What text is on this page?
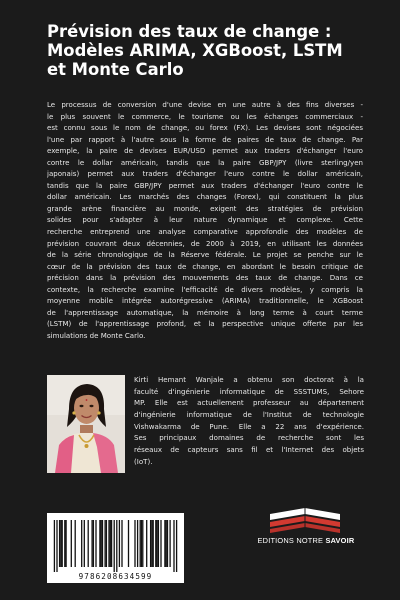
Prévision des taux de change :
Modèles ARIMA, XGBoost, LSTM
et Monte Carlo
Le processus de conversion d'une devise en une autre à des fins diverses -
le plus souvent le commerce, le tourisme ou les échanges commerciaux -
est connu sous le nom de change, ou forex (FX). Les devises sont négociées
l'une par rapport à l'autre sous la forme de paires de taux de change. Par
exemple, la paire de devises EUR/USD permet aux traders d'échanger l'euro
contre le dollar américain, tandis que la paire GBP/JPY (livre sterling/yen
japonais) permet aux traders d'échanger l'euro contre le dollar américain,
tandis que la paire GBP/JPY permet aux traders d'échanger l'euro contre le
dollar américain. Les marchés des changes (Forex), qui constituent la plus
grande arène financière au monde, exigent des stratégies de prévision
solides pour s'adapter à leur nature dynamique et complexe. Cette
recherche entreprend une analyse comparative approfondie des modèles de
prévision couvrant deux décennies, de 2000 à 2019, en utilisant les données
de la série chronologique de la Réserve fédérale. Le projet se penche sur le
cœur de la prévision des taux de change, en abordant le besoin critique de
précision dans la prévision des mouvements des taux de change. Dans ce
contexte, la recherche examine l'efficacité de divers modèles, y compris la
moyenne mobile intégrée autorégressive (ARIMA) traditionnelle, le XGBoost
de l'apprentissage automatique, la mémoire à long terme à court terme
(LSTM) de l'apprentissage profond, et la perspective unique offerte par les
simulations de Monte Carlo.
Kirti Hemant Wanjale a obtenu son doctorat à la
faculté d'ingénierie informatique de SSSTUMS, Sehore
MP. Elle est actuellement professeur au département
d'ingénierie informatique de l'Institut de technologie
Vishwakarma de Pune. Elle a 22 ans d'expérience.
Ses principaux domaines de recherche sont les
réseaux de capteurs sans fil et l'Internet des objets
(IoT).
9786208634599
EDITIONS NOTRE SAVOIR
